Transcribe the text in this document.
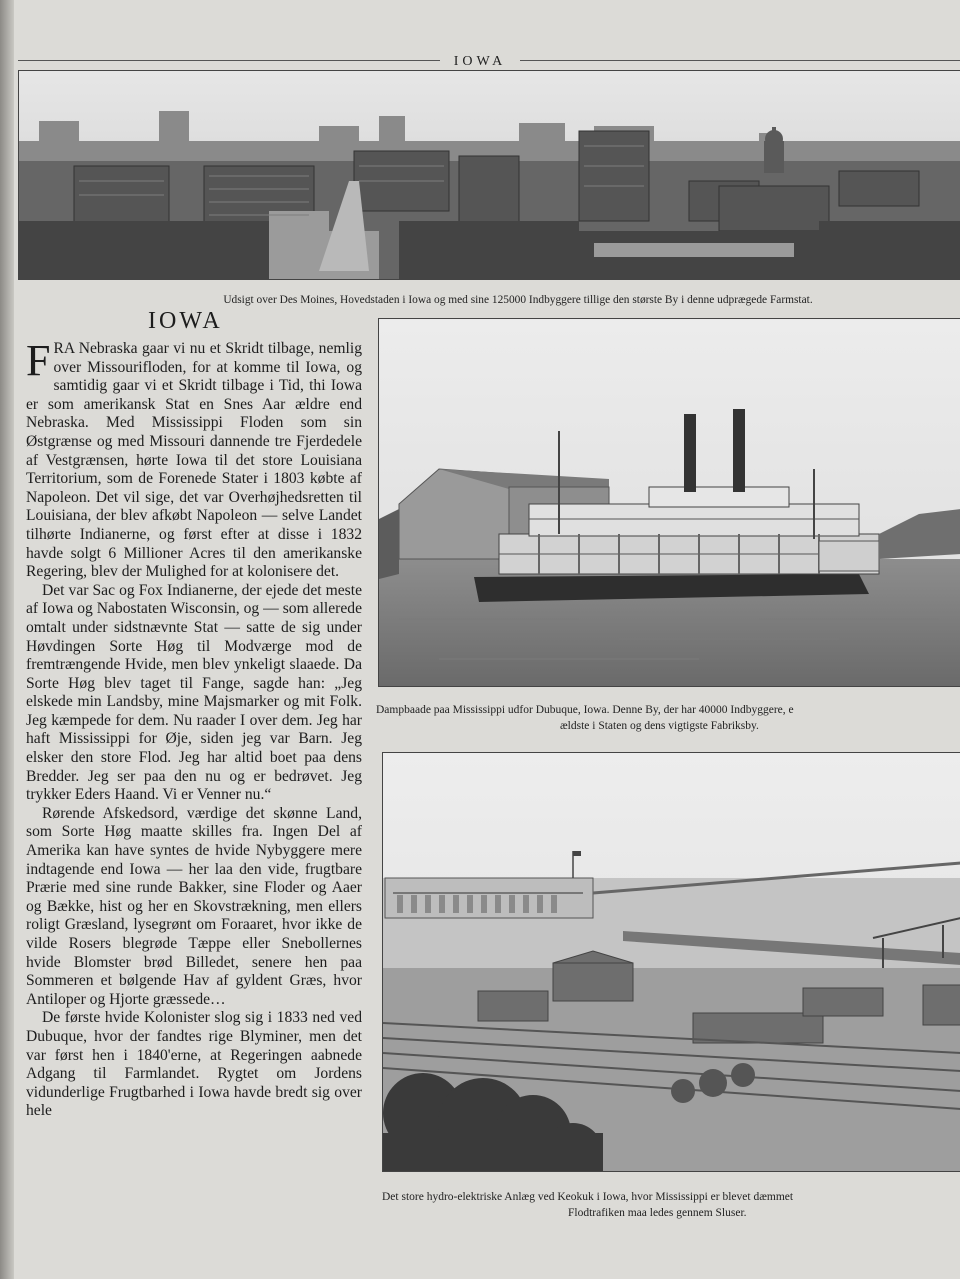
IOWA
Udsigt over Des Moines, Hovedstaden i Iowa og med sine 125000 Indbyggere tillige den største By i denne udprægede Farmstat.
IOWA

FRA Nebraska gaar vi nu et Skridt tilbage, nemlig over Missourifloden, for at komme til Iowa, og samtidig gaar vi et Skridt tilbage i Tid, thi Iowa er som amerikansk Stat en Snes Aar ældre end Nebraska. Med Mississippi Floden som sin Østgrænse og med Missouri dannende tre Fjerdedele af Vestgrænsen, hørte Iowa til det store Louisiana Territorium, som de Forenede Stater i 1803 købte af Napoleon. Det vil sige, det var Overhøjhedsretten til Louisiana, der blev afkøbt Napoleon — selve Landet tilhørte Indianerne, og først efter at disse i 1832 havde solgt 6 Millioner Acres til den amerikanske Regering, blev der Mulighed for at kolonisere det.

Det var Sac og Fox Indianerne, der ejede det meste af Iowa og Nabostaten Wisconsin, og — som allerede omtalt under sidstnævnte Stat — satte de sig under Høvdingen Sorte Høg til Modværge mod de fremtrængende Hvide, men blev ynkeligt slaaede. Da Sorte Høg blev taget til Fange, sagde han: „Jeg elskede min Landsby, mine Majsmarker og mit Folk. Jeg kæmpede for dem. Nu raader I over dem. Jeg har haft Mississippi for Øje, siden jeg var Barn. Jeg elsker den store Flod. Jeg har altid boet paa dens Bredder. Jeg ser paa den nu og er bedrøvet. Jeg trykker Eders Haand. Vi er Venner nu.“

Rørende Afskedsord, værdige det skønne Land, som Sorte Høg maatte skilles fra. Ingen Del af Amerika kan have syntes de hvide Nybyggere mere indtagende end Iowa — her laa den vide, frugtbare Prærie med sine runde Bakker, sine Floder og Aaer og Bække, hist og her en Skovstrækning, men ellers roligt Græsland, lysegrønt om Foraaret, hvor ikke de vilde Rosers blegrøde Tæppe eller Snebollernes hvide Blomster brød Billedet, senere hen paa Sommeren et bølgende Hav af gyldent Græs, hvor Antiloper og Hjorte græssede…

De første hvide Kolonister slog sig i 1833 ned ved Dubuque, hvor der fandtes rige Blyminer, men det var først hen i 1840'erne, at Regeringen aabnede Adgang til Farmlandet. Rygtet om Jordens vidunderlige Frugtbarhed i Iowa havde bredt sig over hele

Dampbaade paa Mississippi udfor Dubuque, Iowa. Denne By, der har 40000 Indbyggere, e
ældste i Staten og dens vigtigste Fabriksby.
Det store hydro-elektriske Anlæg ved Keokuk i Iowa, hvor Mississippi er blevet dæmmet
Flodtrafiken maa ledes gennem Sluser.
